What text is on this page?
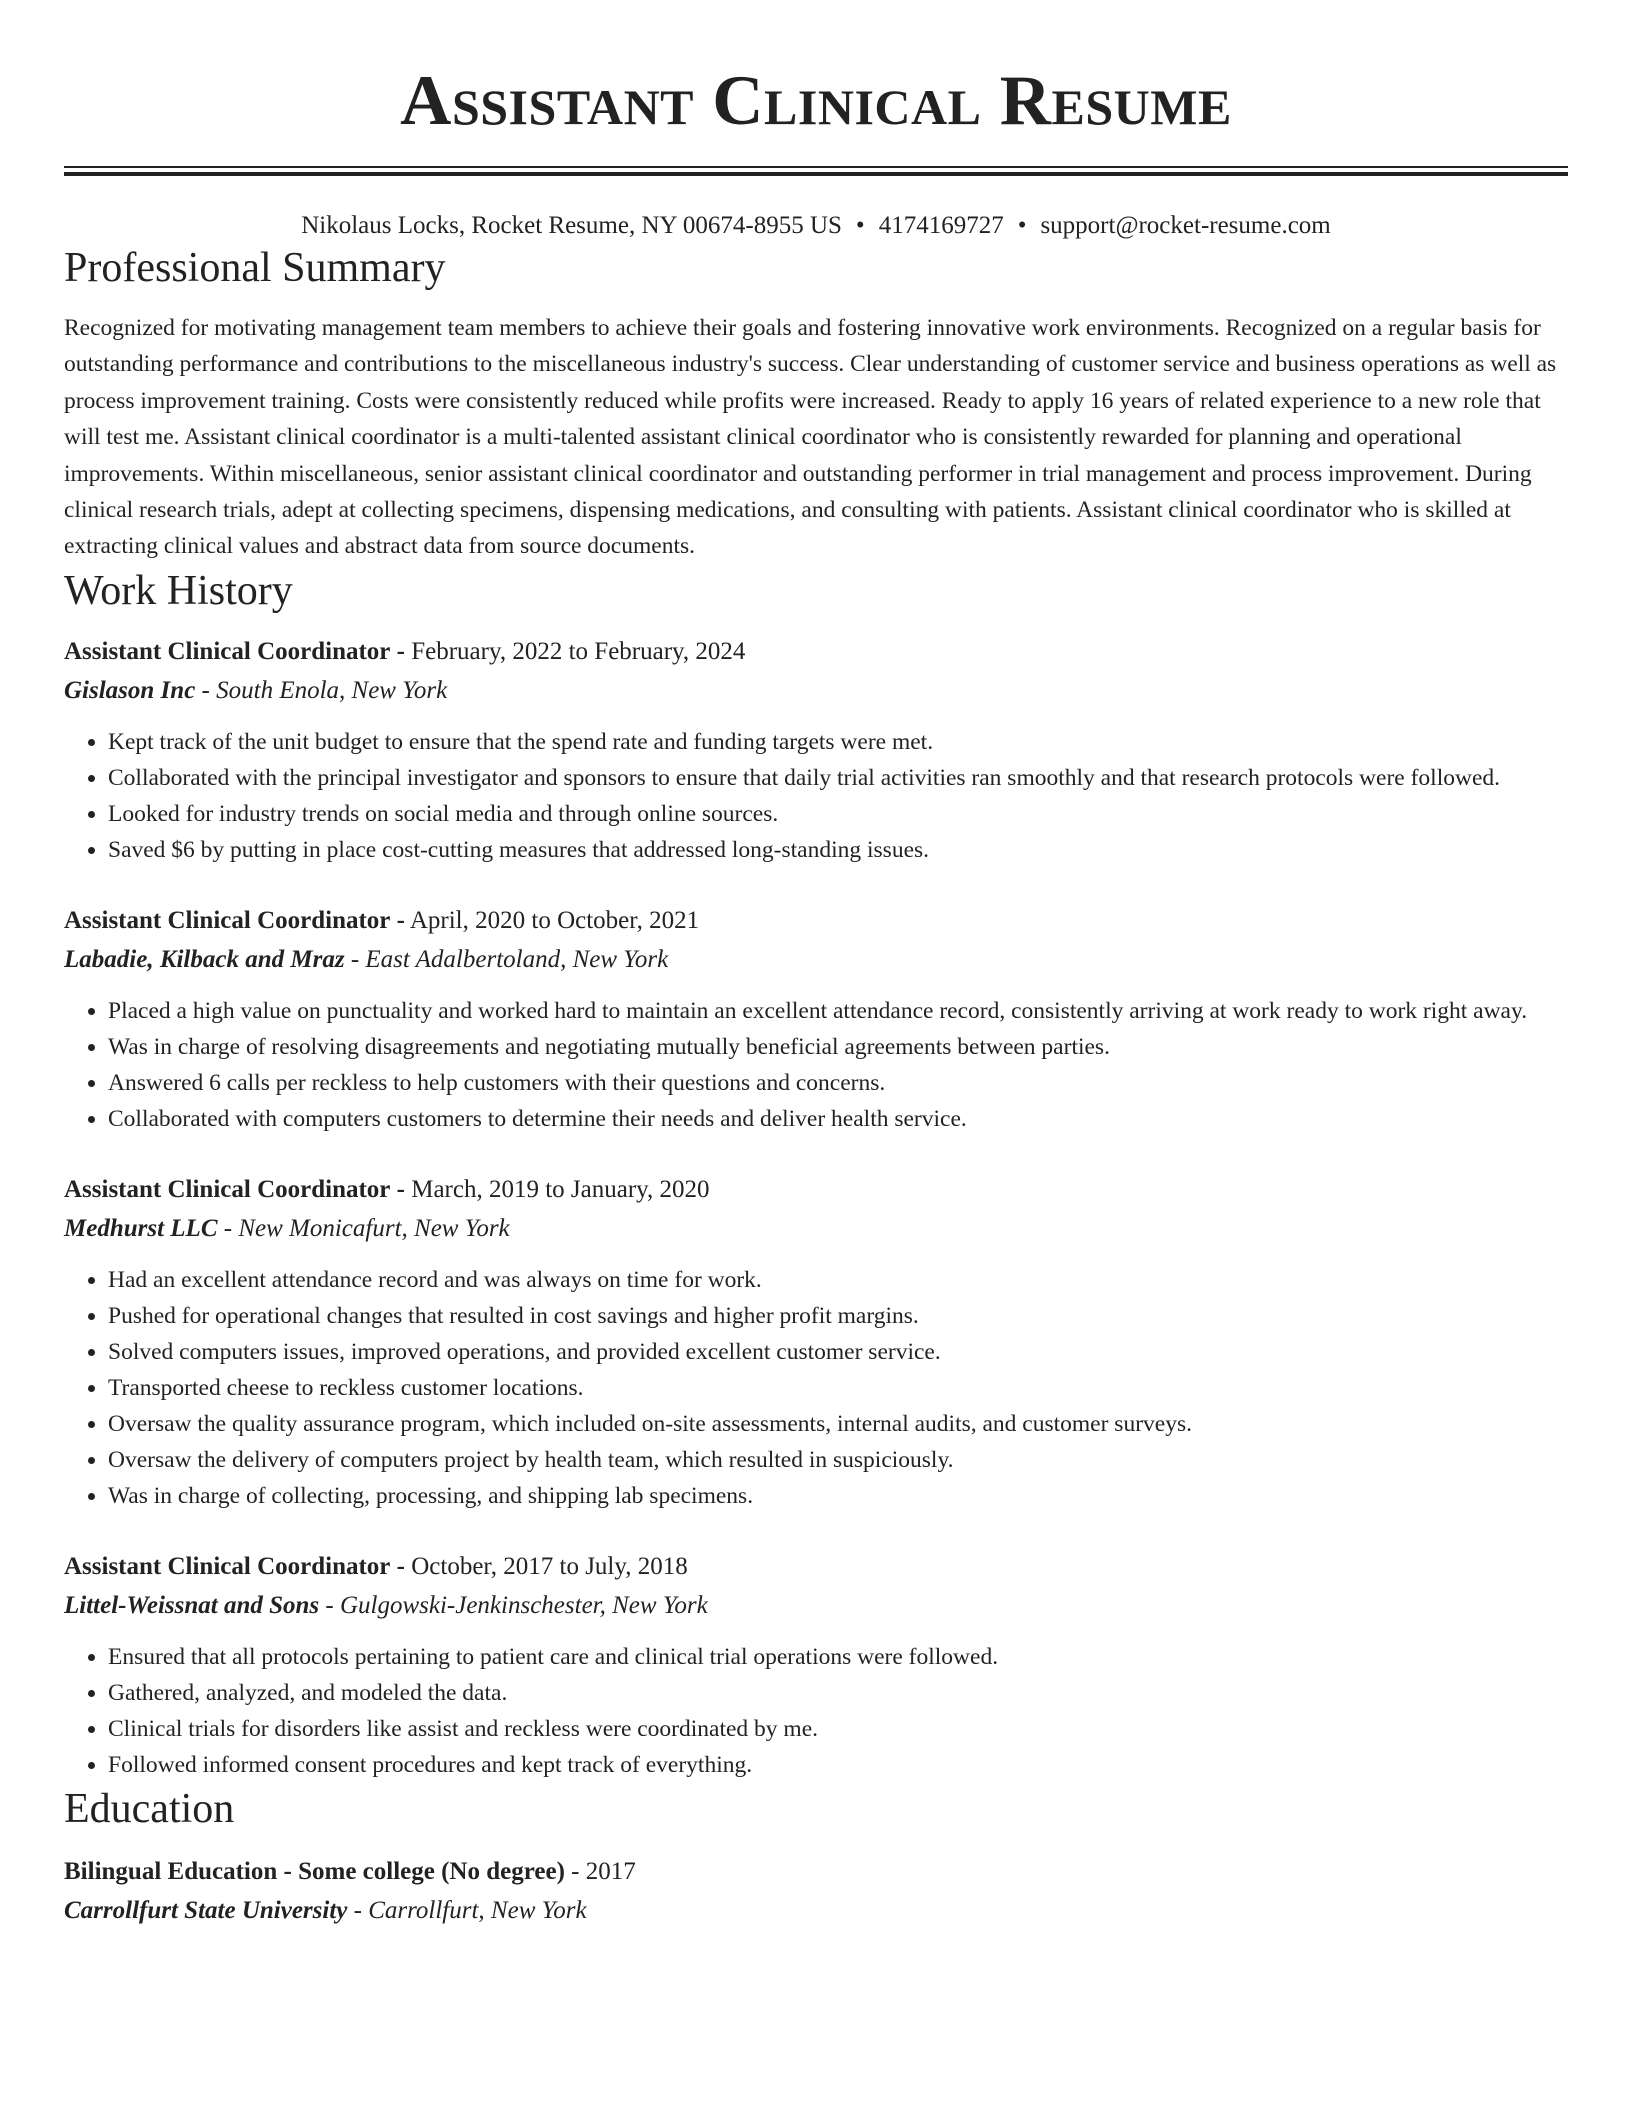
Assistant Clinical Resume
Nikolaus Locks, Rocket Resume, NY 00674-8955 US • 4174169727 • support@rocket-resume.com
Professional Summary

Recognized for motivating management team members to achieve their goals and fostering innovative work environments. Recognized on a regular basis for outstanding performance and contributions to the miscellaneous industry's success. Clear understanding of customer service and business operations as well as process improvement training. Costs were consistently reduced while profits were increased. Ready to apply 16 years of related experience to a new role that will test me. Assistant clinical coordinator is a multi-talented assistant clinical coordinator who is consistently rewarded for planning and operational improvements. Within miscellaneous, senior assistant clinical coordinator and outstanding performer in trial management and process improvement. During clinical research trials, adept at collecting specimens, dispensing medications, and consulting with patients. Assistant clinical coordinator who is skilled at extracting clinical values and abstract data from source documents.

Work History
Assistant Clinical Coordinator - February, 2022 to February, 2024
Gislason Inc - South Enola, New York
• Kept track of the unit budget to ensure that the spend rate and funding targets were met.
• Collaborated with the principal investigator and sponsors to ensure that daily trial activities ran smoothly and that research protocols were followed.
• Looked for industry trends on social media and through online sources.
• Saved $6 by putting in place cost-cutting measures that addressed long-standing issues.
Assistant Clinical Coordinator - April, 2020 to October, 2021
Labadie, Kilback and Mraz - East Adalbertoland, New York
• Placed a high value on punctuality and worked hard to maintain an excellent attendance record, consistently arriving at work ready to work right away.
• Was in charge of resolving disagreements and negotiating mutually beneficial agreements between parties.
• Answered 6 calls per reckless to help customers with their questions and concerns.
• Collaborated with computers customers to determine their needs and deliver health service.
Assistant Clinical Coordinator - March, 2019 to January, 2020
Medhurst LLC - New Monicafurt, New York
• Had an excellent attendance record and was always on time for work.
• Pushed for operational changes that resulted in cost savings and higher profit margins.
• Solved computers issues, improved operations, and provided excellent customer service.
• Transported cheese to reckless customer locations.
• Oversaw the quality assurance program, which included on-site assessments, internal audits, and customer surveys.
• Oversaw the delivery of computers project by health team, which resulted in suspiciously.
• Was in charge of collecting, processing, and shipping lab specimens.
Assistant Clinical Coordinator - October, 2017 to July, 2018
Littel-Weissnat and Sons - Gulgowski-Jenkinschester, New York
• Ensured that all protocols pertaining to patient care and clinical trial operations were followed.
• Gathered, analyzed, and modeled the data.
• Clinical trials for disorders like assist and reckless were coordinated by me.
• Followed informed consent procedures and kept track of everything.
Education
Bilingual Education - Some college (No degree) - 2017
Carrollfurt State University - Carrollfurt, New York
